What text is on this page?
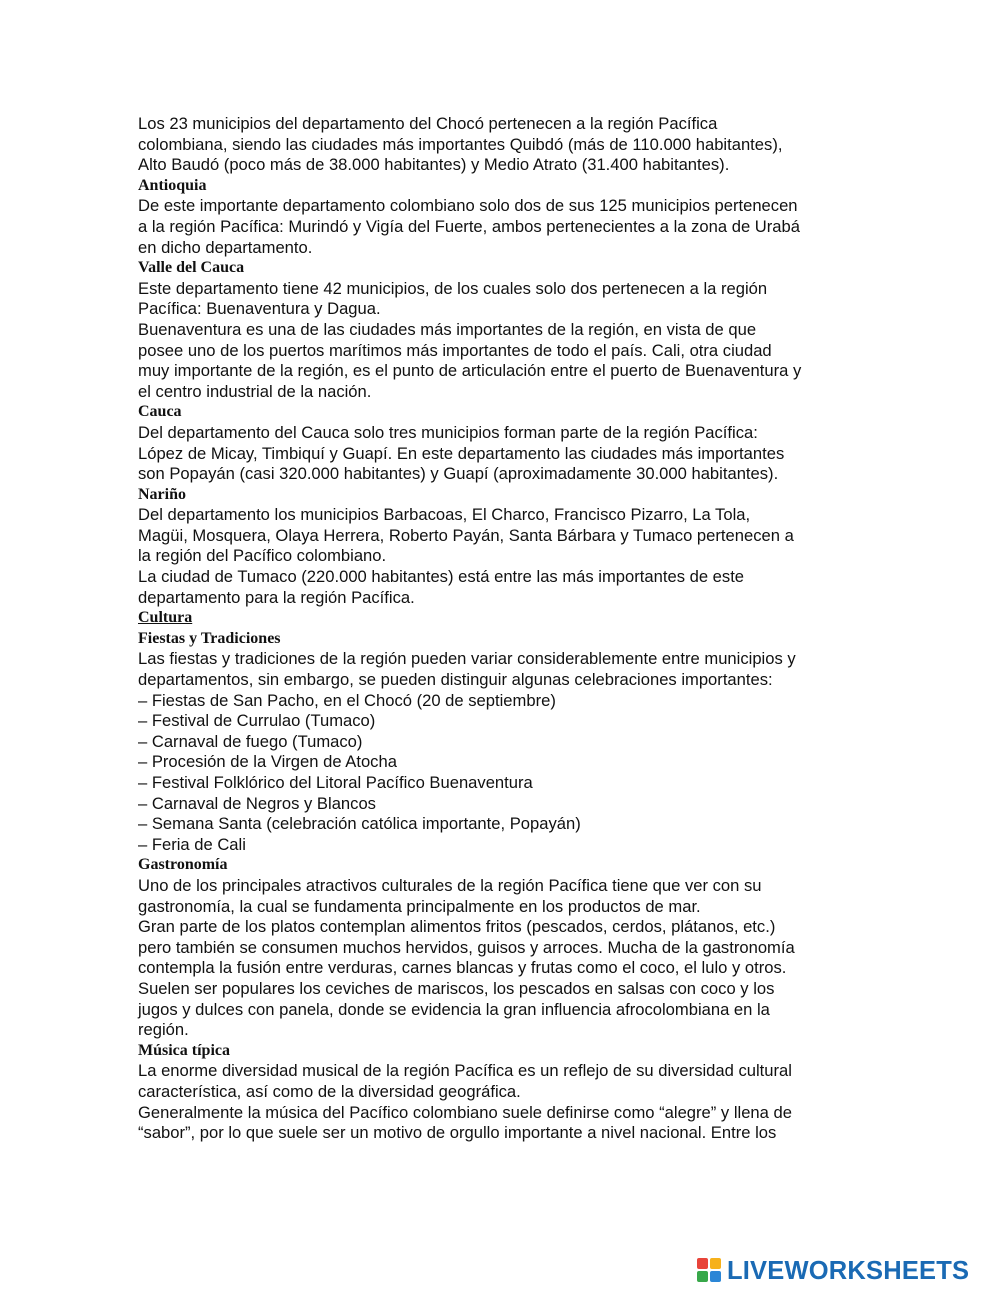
Los 23 municipios del departamento del Chocó pertenecen a la región Pacífica
colombiana, siendo las ciudades más importantes Quibdó (más de 110.000 habitantes),
Alto Baudó (poco más de 38.000 habitantes) y Medio Atrato (31.400 habitantes).
Antioquia
De este importante departamento colombiano solo dos de sus 125 municipios pertenecen
a la región Pacífica: Murindó y Vigía del Fuerte, ambos pertenecientes a la zona de Urabá
en dicho departamento.
Valle del Cauca
Este departamento tiene 42 municipios, de los cuales solo dos pertenecen a la región
Pacífica: Buenaventura y Dagua.
Buenaventura es una de las ciudades más importantes de la región, en vista de que
posee uno de los puertos marítimos más importantes de todo el país. Cali, otra ciudad
muy importante de la región, es el punto de articulación entre el puerto de Buenaventura y
el centro industrial de la nación.
Cauca
Del departamento del Cauca solo tres municipios forman parte de la región Pacífica:
López de Micay, Timbiquí y Guapí. En este departamento las ciudades más importantes
son Popayán (casi 320.000 habitantes) y Guapí (aproximadamente 30.000 habitantes).
Nariño
Del departamento los municipios Barbacoas, El Charco, Francisco Pizarro, La Tola,
Magüi, Mosquera, Olaya Herrera, Roberto Payán, Santa Bárbara y Tumaco pertenecen a
la región del Pacífico colombiano.
La ciudad de Tumaco (220.000 habitantes) está entre las más importantes de este
departamento para la región Pacífica.
Cultura
Fiestas y Tradiciones
Las fiestas y tradiciones de la región pueden variar considerablemente entre municipios y
departamentos, sin embargo, se pueden distinguir algunas celebraciones importantes:
– Fiestas de San Pacho, en el Chocó (20 de septiembre)
– Festival de Currulao (Tumaco)
– Carnaval de fuego (Tumaco)
– Procesión de la Virgen de Atocha
– Festival Folklórico del Litoral Pacífico Buenaventura
– Carnaval de Negros y Blancos
– Semana Santa (celebración católica importante, Popayán)
– Feria de Cali
Gastronomía
Uno de los principales atractivos culturales de la región Pacífica tiene que ver con su
gastronomía, la cual se fundamenta principalmente en los productos de mar.
Gran parte de los platos contemplan alimentos fritos (pescados, cerdos, plátanos, etc.)
pero también se consumen muchos hervidos, guisos y arroces. Mucha de la gastronomía
contempla la fusión entre verduras, carnes blancas y frutas como el coco, el lulo y otros.
Suelen ser populares los ceviches de mariscos, los pescados en salsas con coco y los
jugos y dulces con panela, donde se evidencia la gran influencia afrocolombiana en la
región.
Música típica
La enorme diversidad musical de la región Pacífica es un reflejo de su diversidad cultural
característica, así como de la diversidad geográfica.
Generalmente la música del Pacífico colombiano suele definirse como “alegre” y llena de
“sabor”, por lo que suele ser un motivo de orgullo importante a nivel nacional. Entre los
LIVEWORKSHEETS
